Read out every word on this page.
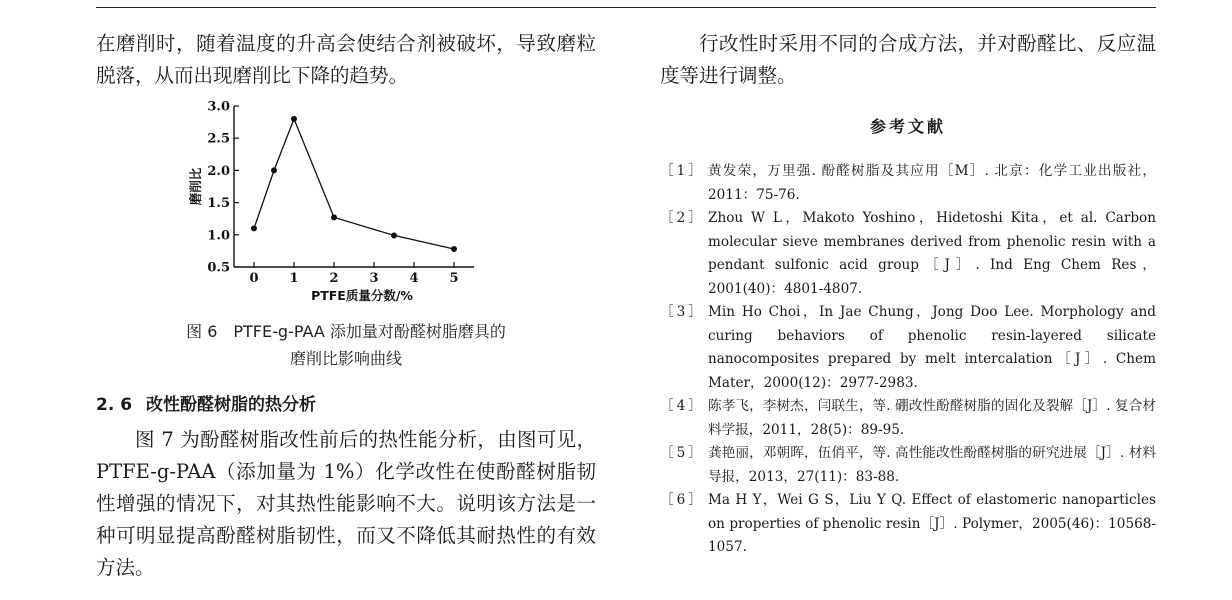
在磨削时，随着温度的升高会使结合剂被破坏，导致磨粒脱落，从而出现磨削比下降的趋势。

0.5
1.0
1.5
2.0
2.5
3.0
0 1 2 3 4 5
PTFE质量分数/%
磨削比
图 6　PTFE-g-PAA 添加量对酚醛树脂磨具的
磨削比影响曲线
2. 6 改性酚醛树脂的热分析

图 7 为酚醛树脂改性前后的热性能分析，由图可见，PTFE-g-PAA（添加量为 1%）化学改性在使酚醛树脂韧性增强的情况下，对其热性能影响不大。说明该方法是一种可明显提高酚醛树脂韧性，而又不降低其耐热性的有效方法。

行改性时采用不同的合成方法，并对酚醛比、反应温度等进行调整。

参考文献
［1］ 黄发荣，万里强. 酚醛树脂及其应用［M］. 北京：化学工业出版社，2011：75-76.
［2］ Zhou W L，Makoto Yoshino，Hidetoshi Kita，et al. Carbon molecular sieve membranes derived from phenolic resin with a pendant sulfonic acid group［J］. Ind Eng Chem Res，2001(40)：4801-4807.
［3］ Min Ho Choi，In Jae Chung，Jong Doo Lee. Morphology and curing behaviors of phenolic resin-layered silicate nanocomposites prepared by melt intercalation［J］. Chem Mater，2000(12)：2977-2983.
［4］ 陈孝飞，李树杰，闫联生，等. 硼改性酚醛树脂的固化及裂解［J］. 复合材料学报，2011，28(5)：89-95.
［5］ 龚艳丽，邓朝晖，伍俏平，等. 高性能改性酚醛树脂的研究进展［J］. 材料导报，2013，27(11)：83-88.
［6］ Ma H Y，Wei G S，Liu Y Q. Effect of elastomeric nanoparticles on properties of phenolic resin［J］. Polymer，2005(46)：10568-1057.
